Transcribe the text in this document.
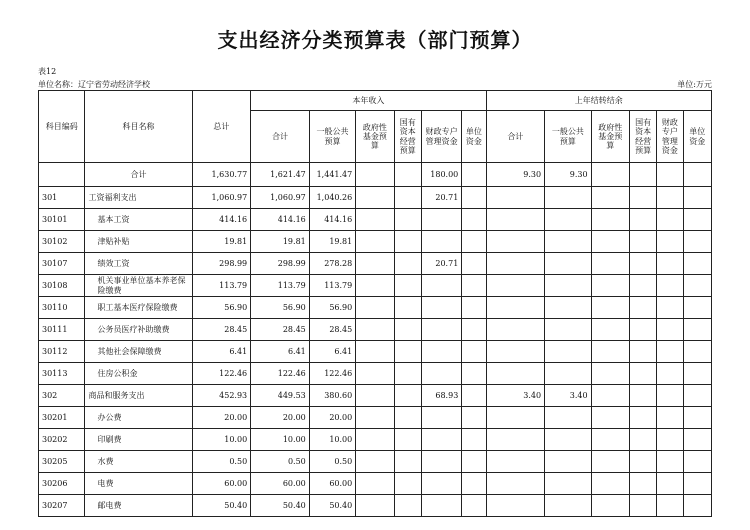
支出经济分类预算表（部门预算）
表12
单位名称：辽宁省劳动经济学校	单位:万元
科目编码	科目名称	总计	本年收入						上年结转结余					
			合计	一般公共预算	政府性基金预算	国有资本经营预算	财政专户管理资金	单位资金	合计	一般公共预算	政府性基金预算	国有资本经营预算	财政专户管理资金	单位资金
	合计	1,630.77	1,621.47	1,441.47			180.00		9.30	9.30				
301	工资福利支出	1,060.97	1,060.97	1,040.26			20.71							
30101	基本工资	414.16	414.16	414.16										
30102	津贴补贴	19.81	19.81	19.81										
30107	绩效工资	298.99	298.99	278.28			20.71							
30108	机关事业单位基本养老保险缴费	113.79	113.79	113.79										
30110	职工基本医疗保险缴费	56.90	56.90	56.90										
30111	公务员医疗补助缴费	28.45	28.45	28.45										
30112	其他社会保障缴费	6.41	6.41	6.41										
30113	住房公积金	122.46	122.46	122.46										
302	商品和服务支出	452.93	449.53	380.60			68.93		3.40	3.40				
30201	办公费	20.00	20.00	20.00										
30202	印刷费	10.00	10.00	10.00										
30205	水费	0.50	0.50	0.50										
30206	电费	60.00	60.00	60.00										
30207	邮电费	50.40	50.40	50.40										
